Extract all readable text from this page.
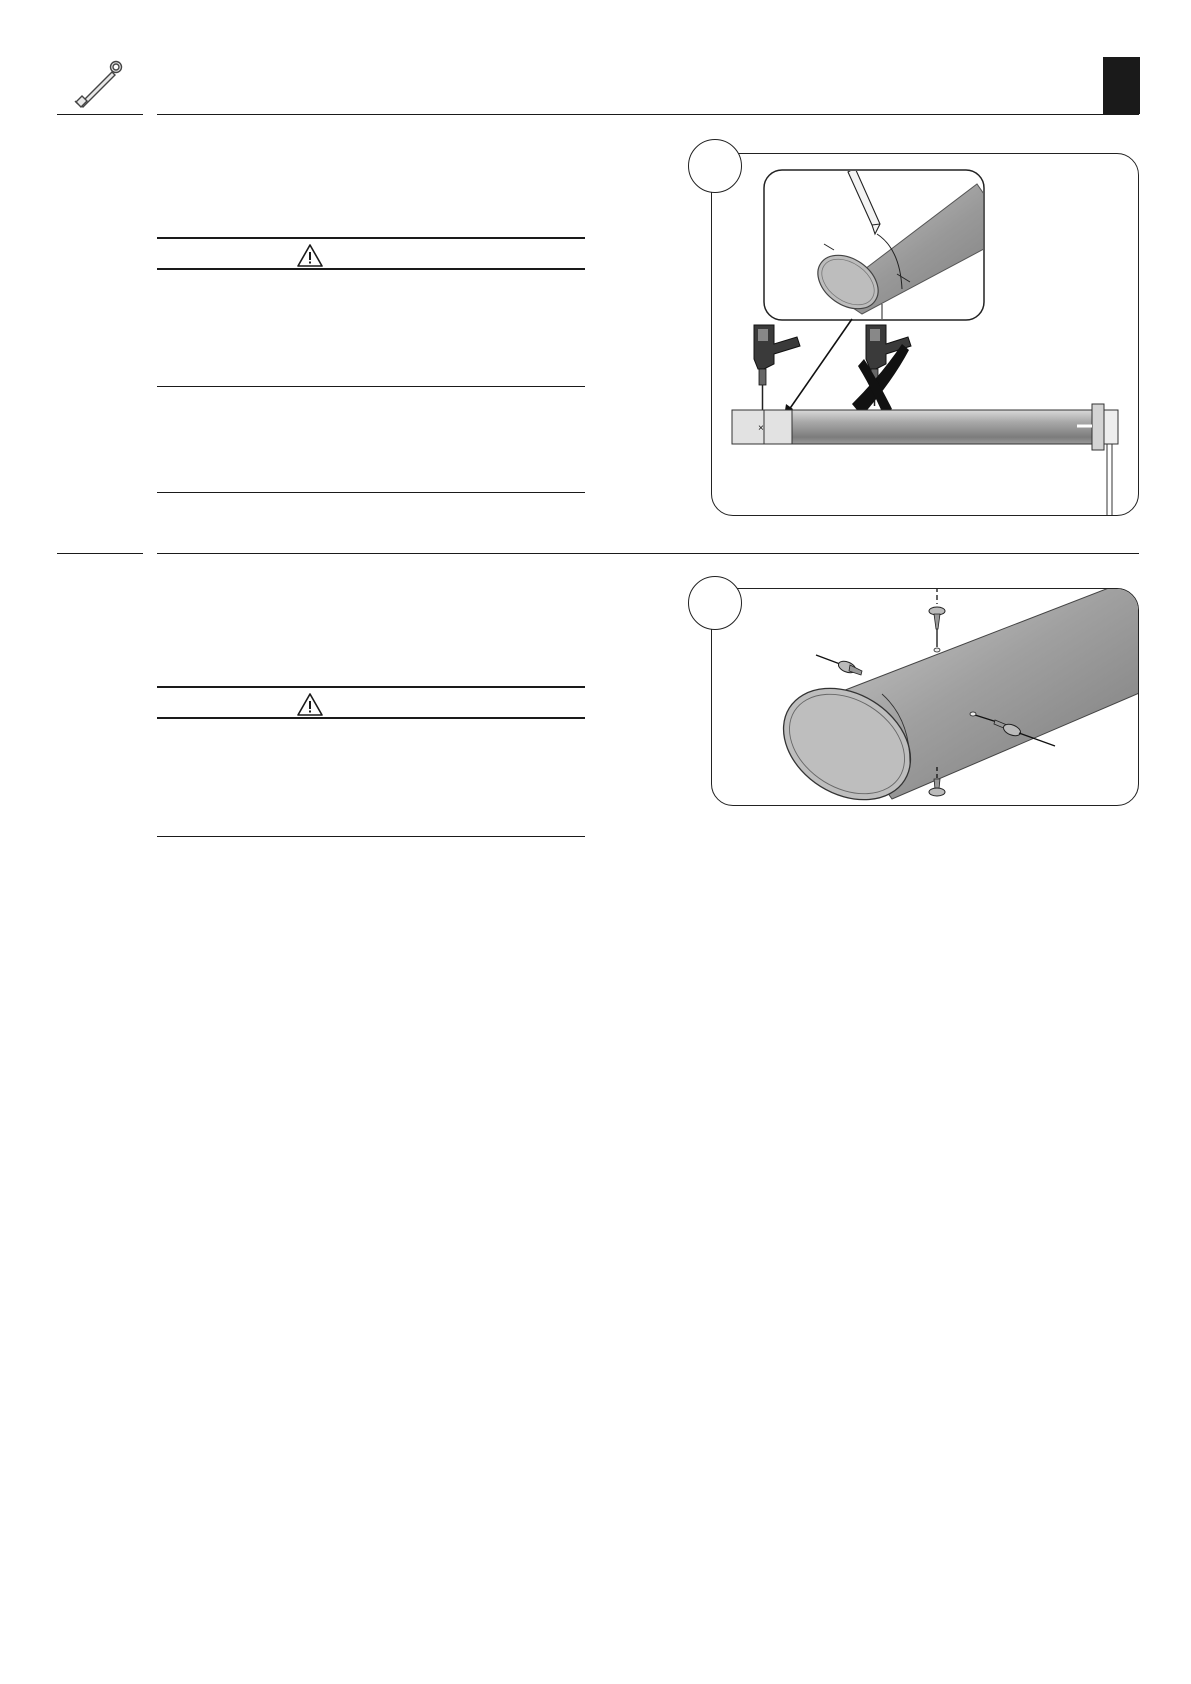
×
